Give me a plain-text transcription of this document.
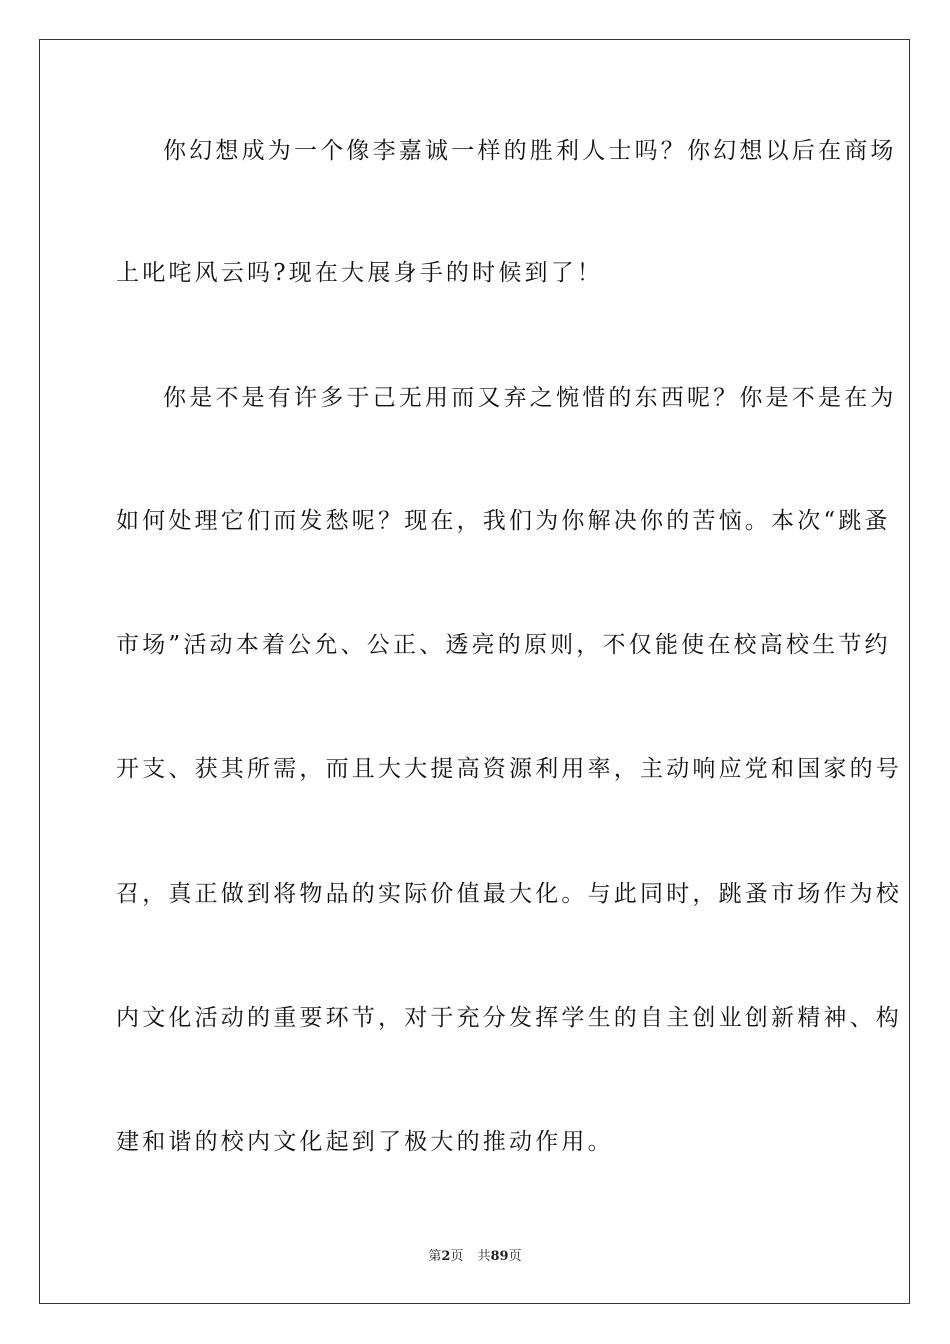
你幻想成为一个像李嘉诚一样的胜利人士吗？你幻想以后在商场
上叱咤风云吗?现在大展身手的时候到了！
你是不是有许多于己无用而又弃之惋惜的东西呢？你是不是在为
如何处理它们而发愁呢？现在，我们为你解决你的苦恼。本次“跳蚤
市场”活动本着公允、公正、透亮的原则，不仅能使在校高校生节约
开支、获其所需，而且大大提高资源利用率，主动响应党和国家的号
召，真正做到将物品的实际价值最大化。与此同时，跳蚤市场作为校
内文化活动的重要环节，对于充分发挥学生的自主创业创新精神、构
建和谐的校内文化起到了极大的推动作用。
第2页 共89页
